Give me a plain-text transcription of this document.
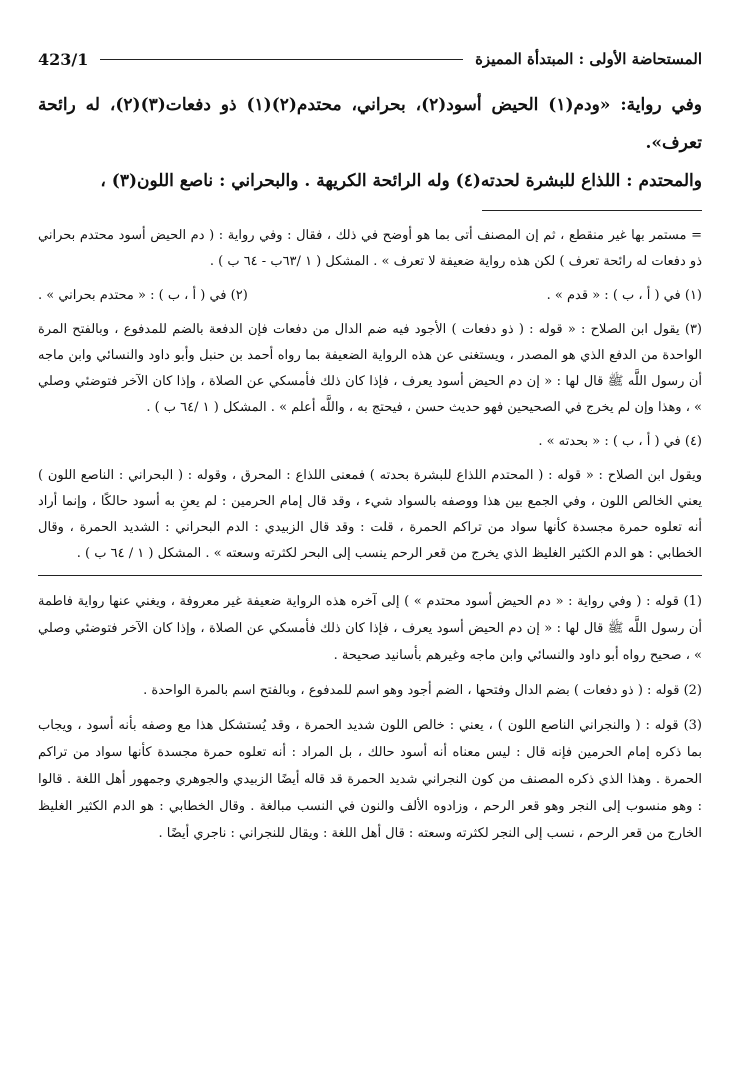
المستحاضة الأولى : المبتدأة المميزة
423/1

وفي رواية: «ودم(١) الحيض أسود(٢)، بحراني، محتدم(٢)(١) ذو دفعات(٣)(٢)، له رائحة تعرف».

والمحتدم : اللذاع للبشرة لحدته(٤) وله الرائحة الكريهة . والبحراني : ناصع اللون(٣) ،

= مستمر بها غير منقطع ، ثم إن المصنف أتى بما هو أوضح في ذلك ، فقال : وفي رواية : ( دم الحيض أسود محتدم بحراني ذو دفعات له رائحة تعرف ) لكن هذه رواية ضعيفة لا تعرف » . المشكل ( ١ /٦٣ب - ٦٤ ب ) .

(١) في ( أ ، ب ) : « قدم » .
(٢) في ( أ ، ب ) : « محتدم بحراني » .

(٣) يقول ابن الصلاح : « قوله : ( ذو دفعات ) الأجود فيه ضم الدال من دفعات فإن الدفعة بالضم للمدفوع ، وبالفتح المرة الواحدة من الدفع الذي هو المصدر ، ويستغنى عن هذه الرواية الضعيفة بما رواه أحمد بن حنبل وأبو داود والنسائي وابن ماجه أن رسول اللَّه ﷺ قال لها : « إن دم الحيض أسود يعرف ، فإذا كان ذلك فأمسكي عن الصلاة ، وإذا كان الآخر فتوضئي وصلي » ، وهذا وإن لم يخرج في الصحيحين فهو حديث حسن ، فيحتج به ، واللَّه أعلم » . المشكل ( ١ /٦٤ ب ) .

(٤) في ( أ ، ب ) : « بحدته » .

ويقول ابن الصلاح : « قوله : ( المحتدم اللذاع للبشرة بحدته ) فمعنى اللذاع : المحرق ، وقوله : ( البحراني : الناصع اللون ) يعني الخالص اللون ، وفي الجمع بين هذا ووصفه بالسواد شيء ، وقد قال إمام الحرمين : لم يعنِ به أسود حالكًا ، وإنما أراد أنه تعلوه حمرة مجسدة كأنها سواد من تراكم الحمرة ، قلت : وقد قال الزبيدي : الدم البحراني : الشديد الحمرة ، وقال الخطابي : هو الدم الكثير الغليظ الذي يخرج من قعر الرحم ينسب إلى البحر لكثرته وسعته » . المشكل ( ١ / ٦٤ ب ) .

(1) قوله : ( وفي رواية : « دم الحيض أسود محتدم » ) إلى آخره هذه الرواية ضعيفة غير معروفة ، ويغني عنها رواية فاطمة أن رسول اللَّه ﷺ قال لها : « إن دم الحيض أسود يعرف ، فإذا كان ذلك فأمسكي عن الصلاة ، وإذا كان الآخر فتوضئي وصلي » ، صحيح رواه أبو داود والنسائي وابن ماجه وغيرهم بأسانيد صحيحة .

(2) قوله : ( ذو دفعات ) بضم الدال وفتحها ، الضم أجود وهو اسم للمدفوع ، وبالفتح اسم بالمرة الواحدة .

(3) قوله : ( والنجراني الناصع اللون ) ، يعني : خالص اللون شديد الحمرة ، وقد يُستشكل هذا مع وصفه بأنه أسود ، ويجاب بما ذكره إمام الحرمين فإنه قال : ليس معناه أنه أسود حالك ، بل المراد : أنه تعلوه حمرة مجسدة كأنها سواد من تراكم الحمرة . وهذا الذي ذكره المصنف من كون النجراني شديد الحمرة قد قاله أيضًا الزبيدي والجوهري وجمهور أهل اللغة . قالوا : وهو منسوب إلى النجر وهو قعر الرحم ، وزادوه الألف والنون في النسب مبالغة . وقال الخطابي : هو الدم الكثير الغليظ الخارج من قعر الرحم ، نسب إلى النجر لكثرته وسعته : قال أهل اللغة : ويقال للنجراني : ناجري أيضًا .
